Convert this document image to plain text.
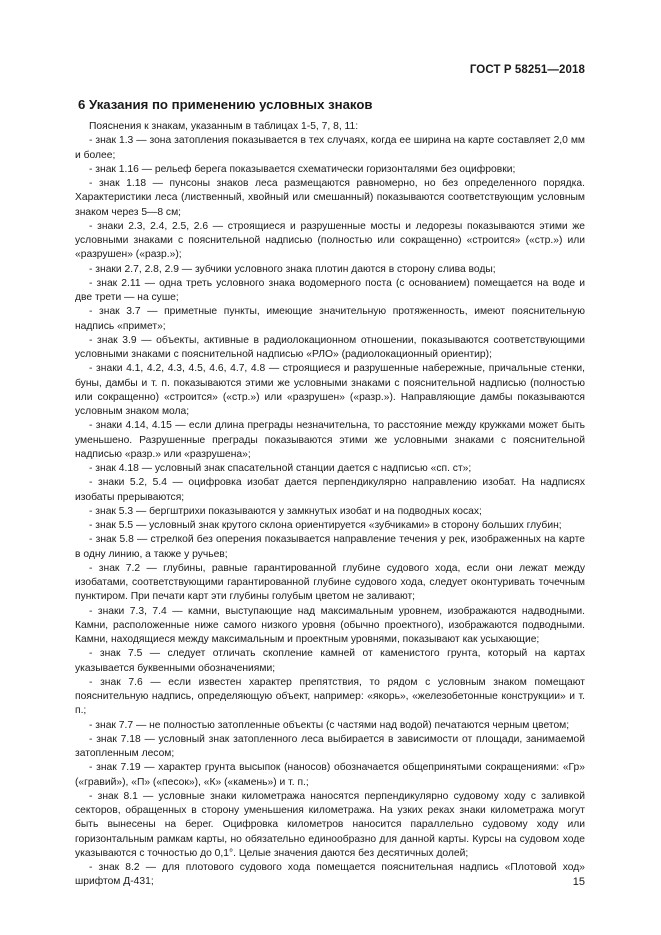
ГОСТ Р 58251—2018
6 Указания по применению условных знаков

Пояснения к знакам, указанным в таблицах 1-5, 7, 8, 11:

- знак 1.3 — зона затопления показывается в тех случаях, когда ее ширина на карте составляет 2,0 мм и более;

- знак 1.16 — рельеф берега показывается схематически горизонталями без оцифровки;

- знак 1.18 — пунсоны знаков леса размещаются равномерно, но без определенного порядка. Характеристики леса (лиственный, хвойный или смешанный) показываются соответствующим условным знаком через 5—8 см;

- знаки 2.3, 2.4, 2.5, 2.6 — строящиеся и разрушенные мосты и ледорезы показываются этими же условными знаками с пояснительной надписью (полностью или сокращенно) «строится» («стр.») или «разрушен» («разр.»);

- знаки 2.7, 2.8, 2.9 — зубчики условного знака плотин даются в сторону слива воды;

- знак 2.11 — одна треть условного знака водомерного поста (с основанием) помещается на воде и две трети — на суше;

- знак 3.7 — приметные пункты, имеющие значительную протяженность, имеют пояснительную надпись «примет»;

- знак 3.9 — объекты, активные в радиолокационном отношении, показываются соответствующими условными знаками с пояснительной надписью «РЛО» (радиолокационный ориентир);

- знаки 4.1, 4.2, 4.3, 4.5, 4.6, 4.7, 4.8 — строящиеся и разрушенные набережные, причальные стенки, буны, дамбы и т. п. показываются этими же условными знаками с пояснительной надписью (полностью или сокращенно) «строится» («стр.») или «разрушен» («разр.»). Направляющие дамбы показываются условным знаком мола;

- знаки 4.14, 4.15 — если длина преграды незначительна, то расстояние между кружками может быть уменьшено. Разрушенные преграды показываются этими же условными знаками с пояснительной надписью «разр.» или «разрушена»;

- знак 4.18 — условный знак спасательной станции дается с надписью «сп. ст»;

- знаки 5.2, 5.4 — оцифровка изобат дается перпендикулярно направлению изобат. На надписях изобаты прерываются;

- знак 5.3 — бергштрихи показываются у замкнутых изобат и на подводных косах;

- знак 5.5 — условный знак крутого склона ориентируется «зубчиками» в сторону больших глубин;

- знак 5.8 — стрелкой без оперения показывается направление течения у рек, изображенных на карте в одну линию, а также у ручьев;

- знак 7.2 — глубины, равные гарантированной глубине судового хода, если они лежат между изобатами, соответствующими гарантированной глубине судового хода, следует оконтуривать точечным пунктиром. При печати карт эти глубины голубым цветом не заливают;

- знаки 7.3, 7.4 — камни, выступающие над максимальным уровнем, изображаются надводными. Камни, расположенные ниже самого низкого уровня (обычно проектного), изображаются подводными. Камни, находящиеся между максимальным и проектным уровнями, показывают как усыхающие;

- знак 7.5 — следует отличать скопление камней от каменистого грунта, который на картах указывается буквенными обозначениями;

- знак 7.6 — если известен характер препятствия, то рядом с условным знаком помещают пояснительную надпись, определяющую объект, например: «якорь», «железобетонные конструкции» и т. п.;

- знак 7.7 — не полностью затопленные объекты (с частями над водой) печатаются черным цветом;

- знак 7.18 — условный знак затопленного леса выбирается в зависимости от площади, занимаемой затопленным лесом;

- знак 7.19 — характер грунта высыпок (наносов) обозначается общепринятыми сокращениями: «Гр» («гравий»), «П» («песок»), «К» («камень») и т. п.;

- знак 8.1 — условные знаки километража наносятся перпендикулярно судовому ходу с заливкой секторов, обращенных в сторону уменьшения километража. На узких реках знаки километража могут быть вынесены на берег. Оцифровка километров наносится параллельно судовому ходу или горизонтальным рамкам карты, но обязательно единообразно для данной карты. Курсы на судовом ходе указываются с точностью до 0,1°. Целые значения даются без десятичных долей;

- знак 8.2 — для плотового судового хода помещается пояснительная надпись «Плотовой ход» шрифтом Д-431;	15
